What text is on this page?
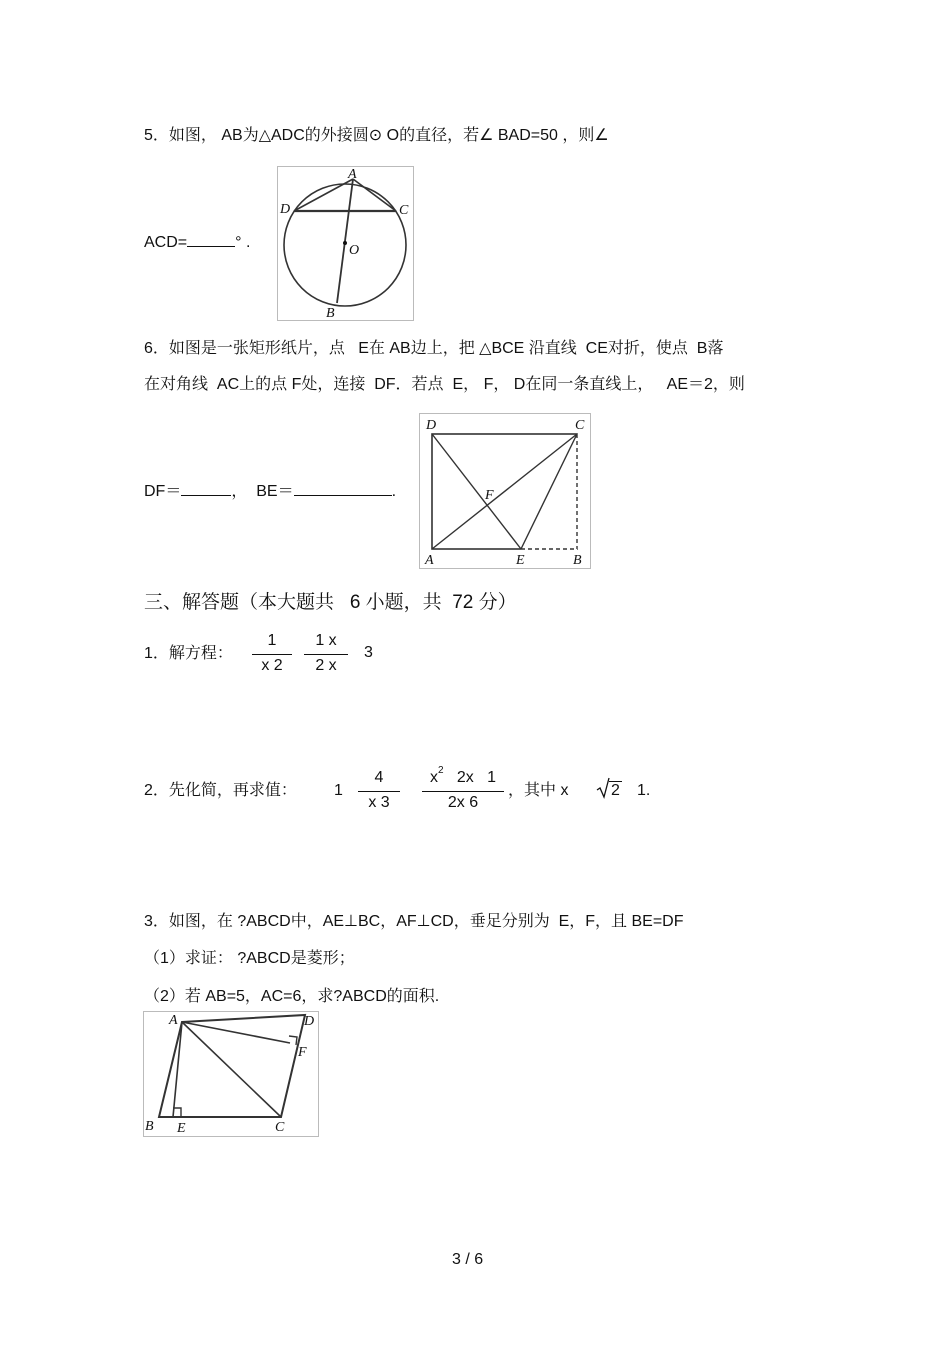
5．如图， AB为△ADC的外接圆⊙ O的直径，若∠ BAD=50 ，则∠
ACD=	° .
A
D	C
O
B
6．如图是一张矩形纸片，点   E在 AB边上，把 △BCE 沿直线  CE对折，使点  B落
在对角线  AC上的点 F处，连接  DF．若点  E， F， D在同一条直线上，   AE＝2，则
DF＝	，  BE＝	.
D	C
F
A	E	B
三、解答题（本大题共   6 小题，共  72 分）
1．解方程：
1
x 2
1 x
2 x
3
2．先化简，再求值： 1
4
x 3
$x^2$   2x   1
2x 6
，其中 x	2 1.
3．如图，在 ?ABCD中，AE⊥BC，AF⊥CD，垂足分别为  E，F，且 BE=DF
（1）求证： ?ABCD是菱形；
（2）若 AB=5，AC=6，求?ABCD的面积.
A	D
F
B E	C
3 / 6
